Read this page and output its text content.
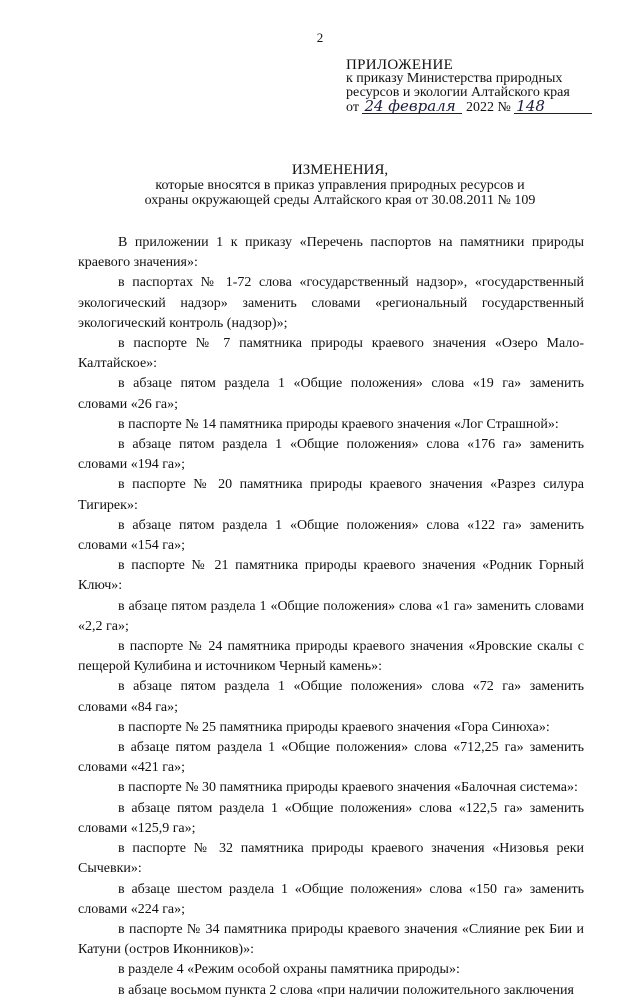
2
ПРИЛОЖЕНИЕ
к приказу Министерства природных
ресурсов и экологии Алтайского края
от 24 февраля 2022 № 148
ИЗМЕНЕНИЯ,
которые вносятся в приказ управления природных ресурсов и
охраны окружающей среды Алтайского края от 30.08.2011 № 109

В приложении 1 к приказу «Перечень паспортов на памятники природы краевого значения»:

в паспортах № 1-72 слова «государственный надзор», «государственный экологический надзор» заменить словами «региональный государственный экологический контроль (надзор)»;

в паспорте № 7 памятника природы краевого значения «Озеро Мало-Калтайское»:

в абзаце пятом раздела 1 «Общие положения» слова «19 га» заменить словами «26 га»;

в паспорте № 14 памятника природы краевого значения «Лог Страшной»:

в абзаце пятом раздела 1 «Общие положения» слова «176 га» заменить словами «194 га»;

в паспорте № 20 памятника природы краевого значения «Разрез силура Тигирек»:

в абзаце пятом раздела 1 «Общие положения» слова «122 га» заменить словами «154 га»;

в паспорте № 21 памятника природы краевого значения «Родник Горный Ключ»:

в абзаце пятом раздела 1 «Общие положения» слова «1 га» заменить словами «2,2 га»;

в паспорте № 24 памятника природы краевого значения «Яровские скалы с пещерой Кулибина и источником Черный камень»:

в абзаце пятом раздела 1 «Общие положения» слова «72 га» заменить словами «84 га»;

в паспорте № 25 памятника природы краевого значения «Гора Синюха»:

в абзаце пятом раздела 1 «Общие положения» слова «712,25 га» заменить словами «421 га»;

в паспорте № 30 памятника природы краевого значения «Балочная система»:

в абзаце пятом раздела 1 «Общие положения» слова «122,5 га» заменить словами «125,9 га»;

в паспорте № 32 памятника природы краевого значения «Низовья реки Сычевки»:

в абзаце шестом раздела 1 «Общие положения» слова «150 га» заменить словами «224 га»;

в паспорте № 34 памятника природы краевого значения «Слияние рек Бии и Катуни (остров Иконников)»:

в разделе 4 «Режим особой охраны памятника природы»:

в абзаце восьмом пункта 2 слова «при наличии положительного заключения
